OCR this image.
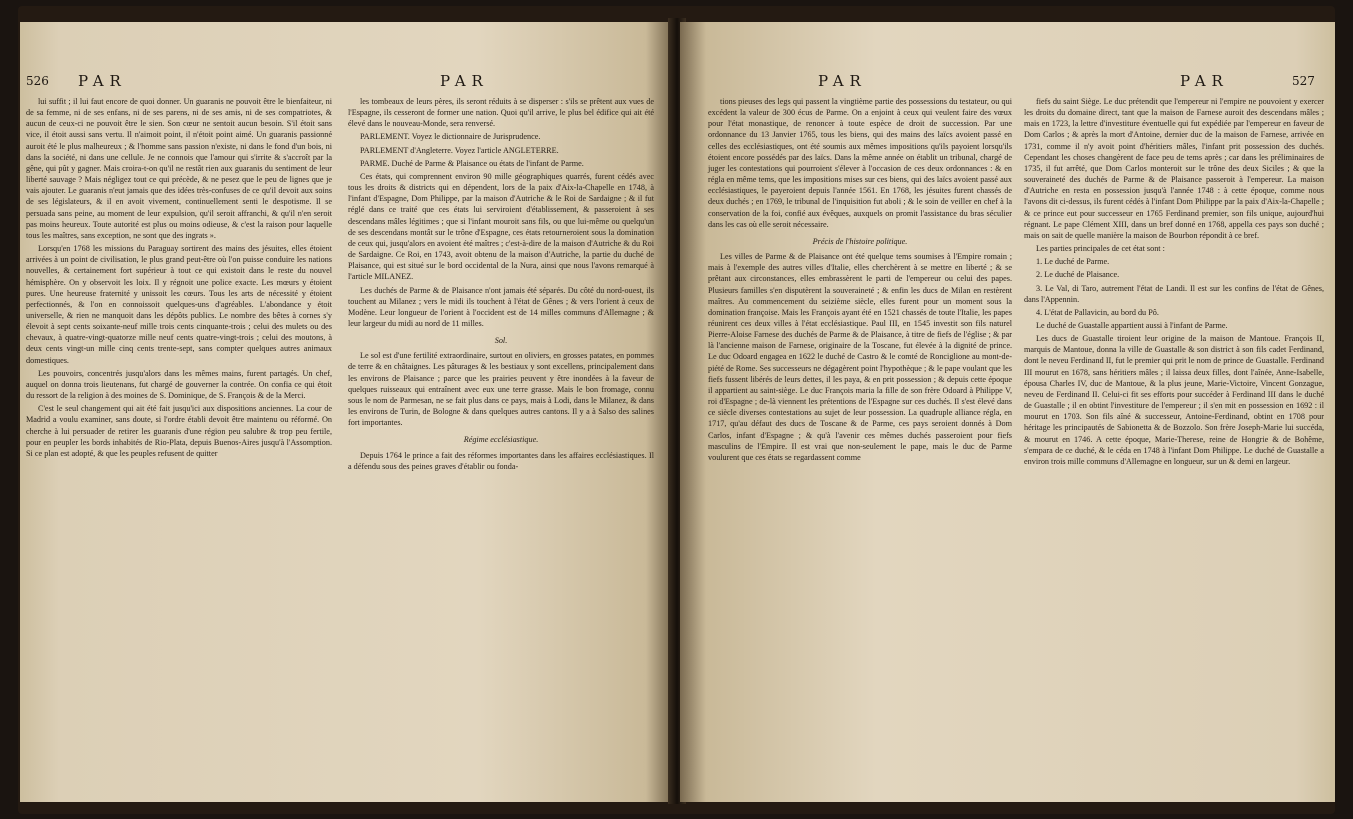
526 PAR	PAR

lui suffit ; il lui faut encore de quoi donner. Un guaranis ne pouvoit être le bienfaiteur, ni de sa femme, ni de ses enfans, ni de ses parens, ni de ses amis, ni de ses compatriotes, & aucun de ceux-ci ne pouvoit être le sien. Son cœur ne sentoit aucun besoin. S'il étoit sans vice, il étoit aussi sans vertu. Il n'aimoit point, il n'étoit point aimé. Un guaranis passionné auroit été le plus malheureux ; & l'homme sans passion n'existe, ni dans le fond d'un bois, ni dans la société, ni dans une cellule. Je ne connois que l'amour qui s'irrite & s'accroît par la gêne, qui pût y gagner. Mais croira-t-on qu'il ne restât rien aux guaranis du sentiment de leur liberté sauvage ? Mais négligez tout ce qui précède, & ne pesez que le peu de lignes que je vais ajouter. Le guaranis n'eut jamais que des idées très-confuses de ce qu'il devoit aux soins de ses législateurs, & il en avoit vivement, continuellement senti le despotisme. Il se persuada sans peine, au moment de leur expulsion, qu'il seroit affranchi, & qu'il n'en seroit pas moins heureux. Toute autorité est plus ou moins odieuse, & c'est la raison pour laquelle tous les maîtres, sans exception, ne sont que des ingrats ».

Lorsqu'en 1768 les missions du Paraguay sortirent des mains des jésuites, elles étoient arrivées à un point de civilisation, le plus grand peut-être où l'on puisse conduire les nations nouvelles, & certainement fort supérieur à tout ce qui existoit dans le reste du nouvel hémisphère. On y observoit les loix. Il y régnoit une police exacte. Les mœurs y étoient pures. Une heureuse fraternité y unissoit les cœurs. Tous les arts de nécessité y étoient perfectionnés, & l'on en connoissoit quelques-uns d'agréables. L'abondance y étoit universelle, & rien ne manquoit dans les dépôts publics. Le nombre des bêtes à cornes s'y élevoit à sept cents soixante-neuf mille trois cents cinquante-trois ; celui des mulets ou des chevaux, à quatre-vingt-quatorze mille neuf cents quatre-vingt-trois ; celui des moutons, à deux cents vingt-un mille cinq cents trente-sept, sans compter quelques autres animaux domestiques.

Les pouvoirs, concentrés jusqu'alors dans les mêmes mains, furent partagés. Un chef, auquel on donna trois lieutenans, fut chargé de gouverner la contrée. On confia ce qui étoit du ressort de la religion à des moines de S. Dominique, de S. François & de la Merci.

C'est le seul changement qui ait été fait jusqu'ici aux dispositions anciennes. La cour de Madrid a voulu examiner, sans doute, si l'ordre établi devoit être maintenu ou réformé. On cherche à lui persuader de retirer les guaranis d'une région peu salubre & trop peu fertile, pour en peupler les bords inhabités de Rio-Plata, depuis Buenos-Aires jusqu'à l'Assomption. Si ce plan est adopté, & que les peuples refusent de quitter

les tombeaux de leurs pères, ils seront réduits à se disperser : s'ils se prêtent aux vues de l'Espagne, ils cesseront de former une nation. Quoi qu'il arrive, le plus bel édifice qui ait été élevé dans le nouveau-Monde, sera renversé.

PARLEMENT. Voyez le dictionnaire de Jurisprudence.

PARLEMENT d'Angleterre. Voyez l'article ANGLETERRE.

PARME. Duché de Parme & Plaisance ou états de l'infant de Parme.

Ces états, qui comprennent environ 90 mille géographiques quarrés, furent cédés avec tous les droits & districts qui en dépendent, lors de la paix d'Aix-la-Chapelle en 1748, à l'infant d'Espagne, Dom Philippe, par la maison d'Autriche & le Roi de Sardaigne ; & il fut réglé dans ce traité que ces états lui serviroient d'établissement, & passeroient à ses descendans mâles légitimes ; que si l'infant mouroit sans fils, ou que lui-même ou quelqu'un de ses descendans montât sur le trône d'Espagne, ces états retourneroient sous la domination de ceux qui, jusqu'alors en avoient été maîtres ; c'est-à-dire de la maison d'Autriche & du Roi de Sardaigne. Ce Roi, en 1743, avoit obtenu de la maison d'Autriche, la partie du duché de Plaisance, qui est situé sur le bord occidental de la Nura, ainsi que nous l'avons remarqué à l'article MILANEZ.

Les duchés de Parme & de Plaisance n'ont jamais été séparés. Du côté du nord-ouest, ils touchent au Milanez ; vers le midi ils touchent à l'état de Gênes ; & vers l'orient à ceux de Modène. Leur longueur de l'orient à l'occident est de 14 milles communs d'Allemagne ; & leur largeur du midi au nord de 11 milles.

Sol.

Le sol est d'une fertilité extraordinaire, surtout en oliviers, en grosses patates, en pommes de terre & en châtaignes. Les pâturages & les bestiaux y sont excellens, principalement dans les environs de Plaisance ; parce que les prairies peuvent y être inondées à la faveur de quelques ruisseaux qui entraînent avec eux une terre grasse. Mais le bon fromage, connu sous le nom de Parmesan, ne se fait plus dans ce pays, mais à Lodi, dans le Milanez, & dans les environs de Turin, de Bologne & dans quelques autres cantons. Il y a à Salso des salines fort importantes.

Régime ecclésiastique.

Depuis 1764 le prince a fait des réformes importantes dans les affaires ecclésiastiques. Il a défendu sous des peines graves d'établir ou fonda-

PAR	PAR	527

tions pieuses des legs qui passent la vingtième partie des possessions du testateur, ou qui excédent la valeur de 300 écus de Parme. On a enjoint à ceux qui veulent faire des vœux pour l'état monastique, de renoncer à toute espèce de droit de succession. Par une ordonnance du 13 Janvier 1765, tous les biens, qui des mains des laïcs avoient passé en celles des ecclésiastiques, ont été soumis aux mêmes impositions qu'ils payoient lorsqu'ils étoient encore possédés par des laïcs. Dans la même année on établit un tribunal, chargé de juger les contestations qui pourroient s'élever à l'occasion de ces deux ordonnances : & en régla en même tems, que les impositions mises sur ces biens, qui des laïcs avoient passé aux ecclésiastiques, le payeroient depuis l'année 1561. En 1768, les jésuites furent chassés de deux duchés ; en 1769, le tribunal de l'inquisition fut aboli ; & le soin de veiller en chef à la conservation de la foi, confié aux évêques, auxquels on promit l'assistance du bras séculier dans les cas où elle seroit nécessaire.

Précis de l'histoire politique.

Les villes de Parme & de Plaisance ont été quelque tems soumises à l'Empire romain ; mais à l'exemple des autres villes d'Italie, elles cherchèrent à se mettre en liberté ; & se prêtant aux circonstances, elles embrassèrent le parti de l'empereur ou celui des papes. Plusieurs familles s'en disputèrent la souveraineté ; & enfin les ducs de Milan en restèrent maîtres. Au commencement du seizième siècle, elles furent pour un moment sous la domination françoise. Mais les François ayant été en 1521 chassés de toute l'Italie, les papes réunirent ces deux villes à l'état ecclésiastique. Paul III, en 1545 investit son fils naturel Pierre-Aloise Farnese des duchés de Parme & de Plaisance, à titre de fiefs de l'église ; & par là l'ancienne maison de Farnese, originaire de la Toscane, fut élevée à la dignité de prince. Le duc Odoard engagea en 1622 le duché de Castro & le comté de Ronciglione au mont-de-piété de Rome. Ses successeurs ne dégagèrent point l'hypothèque ; & le pape voulant que les fiefs fussent libérés de leurs dettes, il les paya, & en prit possession ; & depuis cette époque il appartient au saint-siège. Le duc François maria la fille de son frère Odoard à Philippe V, roi d'Espagne ; de-là viennent les prétentions de l'Espagne sur ces duchés. Il s'est élevé dans ce siècle diverses contestations au sujet de leur possession. La quadruple alliance régla, en 1717, qu'au défaut des ducs de Toscane & de Parme, ces pays seroient donnés à Dom Carlos, infant d'Espagne ; & qu'à l'avenir ces mêmes duchés passeroient pour fiefs masculins de l'Empire. Il est vrai que non-seulement le pape, mais le duc de Parme voulurent que ces états se regardassent comme

fiefs du saint Siège. Le duc prétendit que l'empereur ni l'empire ne pouvoient y exercer les droits du domaine direct, tant que la maison de Farnese auroit des descendans mâles ; mais en 1723, la lettre d'investiture éventuelle qui fut expédiée par l'empereur en faveur de Dom Carlos ; & après la mort d'Antoine, dernier duc de la maison de Farnese, arrivée en 1731, comme il n'y avoit point d'héritiers mâles, l'infant prit possession des duchés. Cependant les choses changèrent de face peu de tems après ; car dans les préliminaires de 1735, il fut arrêté, que Dom Carlos monteroit sur le trône des deux Siciles ; & que la souveraineté des duchés de Parme & de Plaisance passeroit à l'empereur. La maison d'Autriche en resta en possession jusqu'à l'année 1748 : à cette époque, comme nous l'avons dit ci-dessus, ils furent cédés à l'infant Dom Philippe par la paix d'Aix-la-Chapelle ; & ce prince eut pour successeur en 1765 Ferdinand premier, son fils unique, aujourd'hui régnant. Le pape Clément XIII, dans un bref donné en 1768, appella ces pays son duché ; mais on sait de quelle manière la maison de Bourbon répondit à ce bref.

Les parties principales de cet état sont :

1. Le duché de Parme.

2. Le duché de Plaisance.

3. Le Val, di Taro, autrement l'état de Landi. Il est sur les confins de l'état de Gênes, dans l'Appennin.

4. L'état de Pallavicin, au bord du Pô.

Le duché de Guastalle appartient aussi à l'infant de Parme.

Les ducs de Guastalle tiroient leur origine de la maison de Mantoue. François II, marquis de Mantoue, donna la ville de Guastalle & son district à son fils cadet Ferdinand, dont le neveu Ferdinand II, fut le premier qui prit le nom de prince de Guastalle. Ferdinand III mourut en 1678, sans héritiers mâles ; il laissa deux filles, dont l'aînée, Anne-Isabelle, épousa Charles IV, duc de Mantoue, & la plus jeune, Marie-Victoire, Vincent Gonzague, neveu de Ferdinand II. Celui-ci fit ses efforts pour succéder à Ferdinand III dans le duché de Guastalle ; il en obtint l'investiture de l'empereur ; il s'en mit en possession en 1692 : il mourut en 1703. Son fils aîné & successeur, Antoine-Ferdinand, obtint en 1708 pour héritage les principautés de Sabionetta & de Bozzolo. Son frère Joseph-Marie lui succéda, & mourut en 1746. A cette époque, Marie-Therese, reine de Hongrie & de Bohême, s'empara de ce duché, & le céda en 1748 à l'infant Dom Philippe. Le duché de Guastalle a environ trois mille communs d'Allemagne en longueur, sur un & demi en largeur.
